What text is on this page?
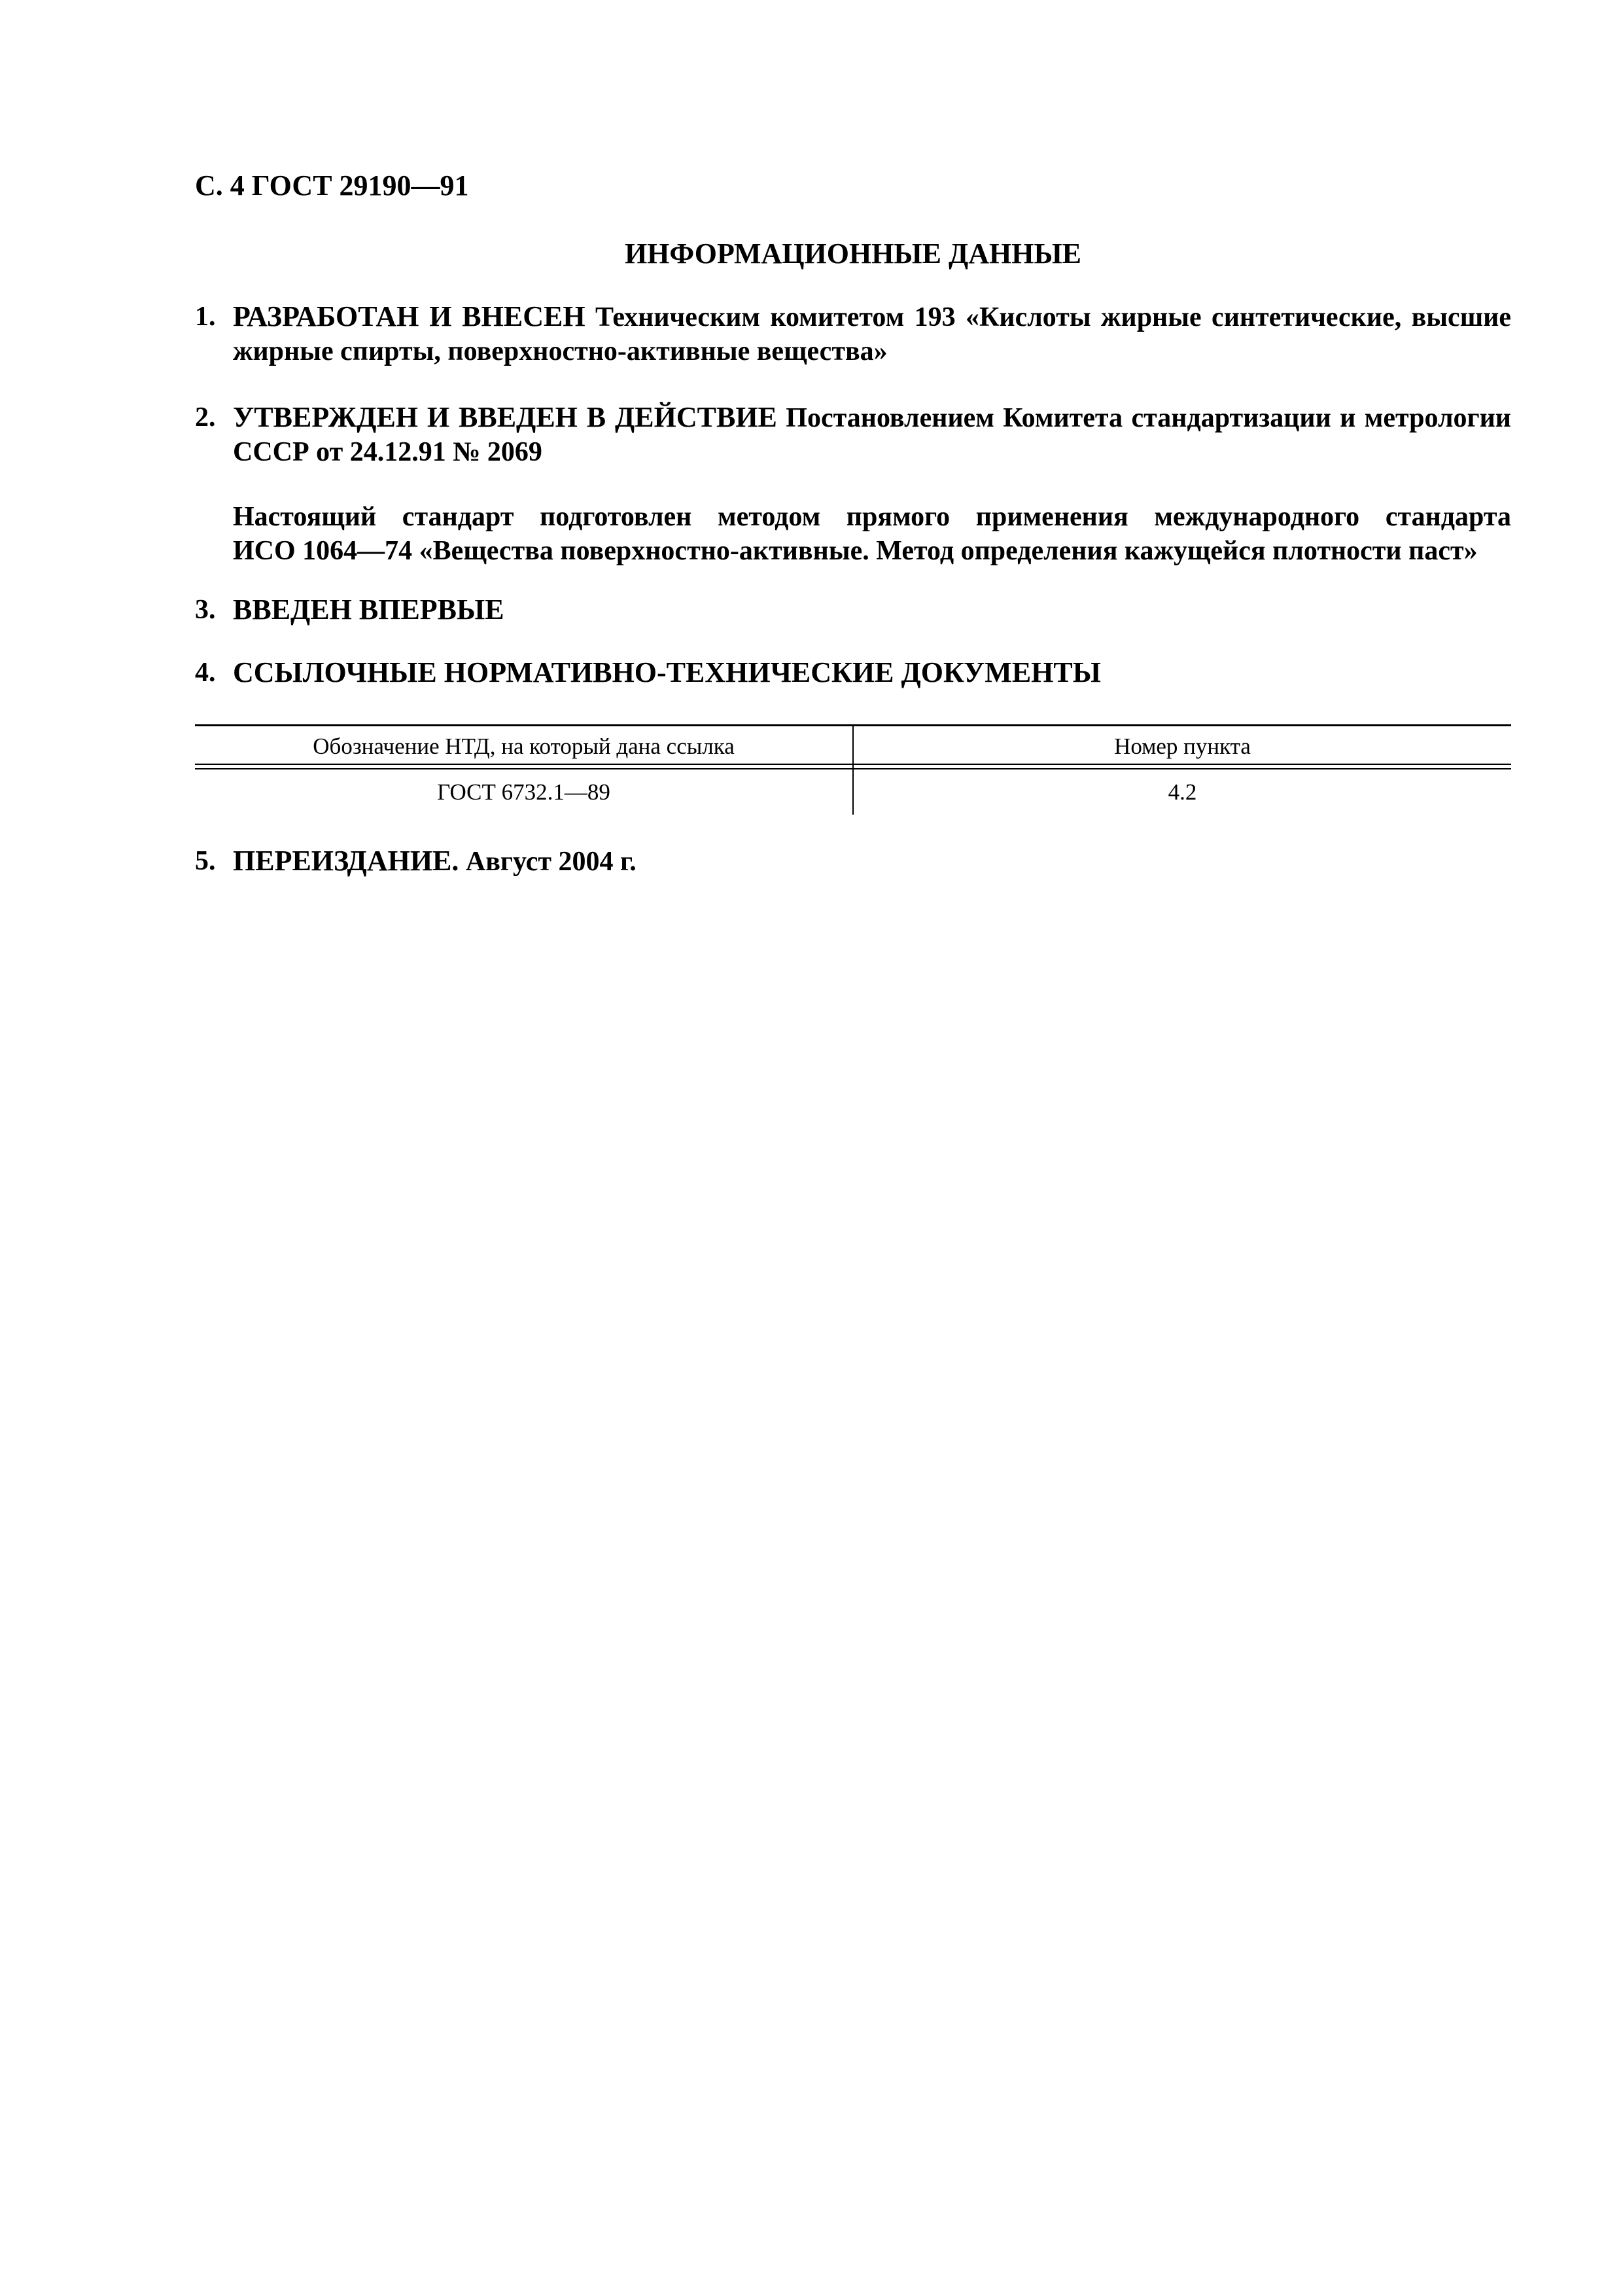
С. 4 ГОСТ 29190—91
ИНФОРМАЦИОННЫЕ ДАННЫЕ
1. РАЗРАБОТАН И ВНЕСЕН Техническим комитетом 193 «Кислоты жирные синтетические, высшие жирные спирты, поверхностно-активные вещества»
2. УТВЕРЖДЕН И ВВЕДЕН В ДЕЙСТВИЕ Постановлением Комитета стандартизации и метрологии СССР от 24.12.91 № 2069
Настоящий стандарт подготовлен методом прямого применения международного стандарта
ИСО 1064—74 «Вещества поверхностно-активные. Метод определения кажущейся плотности паст»
3. ВВЕДЕН ВПЕРВЫЕ
4. ССЫЛОЧНЫЕ НОРМАТИВНО-ТЕХНИЧЕСКИЕ ДОКУМЕНТЫ
Обозначение НТД, на который дана ссылка	Номер пункта
ГОСТ 6732.1—89	4.2
5. ПЕРЕИЗДАНИЕ. Август 2004 г.
